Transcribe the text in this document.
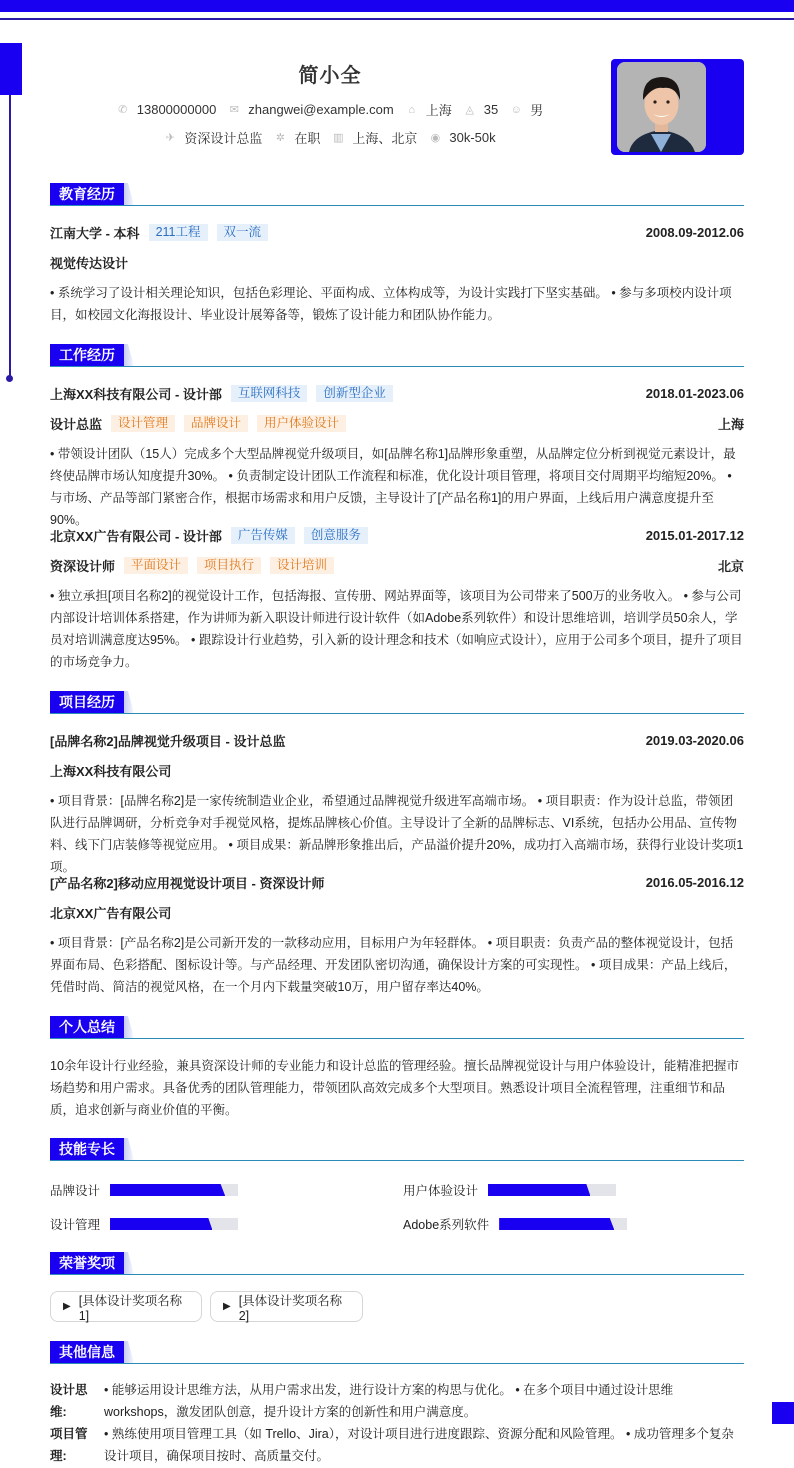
简小全
✆ 13800000000 ✉ zhangwei@example.com ⌂ 上海 ◬ 35 ☺ 男
✈ 资深设计总监 ✲ 在职 ▥ 上海、北京 ◉ 30k-50k
教育经历
江南大学 - 本科	211工程	双一流	2008.09-2012.06
视觉传达设计
• 系统学习了设计相关理论知识，包括色彩理论、平面构成、立体构成等，为设计实践打下坚实基础。 • 参与多项校内设计项目，如校园文化海报设计、毕业设计展筹备等，锻炼了设计能力和团队协作能力。
工作经历
上海XX科技有限公司 - 设计部	互联网科技	创新型企业	2018.01-2023.06
设计总监	设计管理	品牌设计	用户体验设计	上海
• 带领设计团队（15人）完成多个大型品牌视觉升级项目，如[品牌名称1]品牌形象重塑，从品牌定位分析到视觉元素设计，最终使品牌市场认知度提升30%。 • 负责制定设计团队工作流程和标准，优化设计项目管理，将项目交付周期平均缩短20%。 • 与市场、产品等部门紧密合作，根据市场需求和用户反馈，主导设计了[产品名称1]的用户界面，上线后用户满意度提升至90%。
北京XX广告有限公司 - 设计部	广告传媒	创意服务	2015.01-2017.12
资深设计师	平面设计	项目执行	设计培训	北京
• 独立承担[项目名称2]的视觉设计工作，包括海报、宣传册、网站界面等，该项目为公司带来了500万的业务收入。 • 参与公司内部设计培训体系搭建，作为讲师为新入职设计师进行设计软件（如Adobe系列软件）和设计思维培训，培训学员50余人，学员对培训满意度达95%。 • 跟踪设计行业趋势，引入新的设计理念和技术（如响应式设计），应用于公司多个项目，提升了项目的市场竞争力。
项目经历
[品牌名称2]品牌视觉升级项目 - 设计总监	2019.03-2020.06
上海XX科技有限公司
• 项目背景：[品牌名称2]是一家传统制造业企业，希望通过品牌视觉升级进军高端市场。 • 项目职责：作为设计总监，带领团队进行品牌调研，分析竞争对手视觉风格，提炼品牌核心价值。主导设计了全新的品牌标志、VI系统，包括办公用品、宣传物料、线下门店装修等视觉应用。 • 项目成果：新品牌形象推出后，产品溢价提升20%，成功打入高端市场，获得行业设计奖项1项。
[产品名称2]移动应用视觉设计项目 - 资深设计师	2016.05-2016.12
北京XX广告有限公司
• 项目背景：[产品名称2]是公司新开发的一款移动应用，目标用户为年轻群体。 • 项目职责：负责产品的整体视觉设计，包括界面布局、色彩搭配、图标设计等。与产品经理、开发团队密切沟通，确保设计方案的可实现性。 • 项目成果：产品上线后，凭借时尚、简洁的视觉风格，在一个月内下载量突破10万，用户留存率达40%。
个人总结
10余年设计行业经验，兼具资深设计师的专业能力和设计总监的管理经验。擅长品牌视觉设计与用户体验设计，能精准把握市场趋势和用户需求。具备优秀的团队管理能力，带领团队高效完成多个大型项目。熟悉设计项目全流程管理，注重细节和品质，追求创新与商业价值的平衡。
技能专长
品牌设计	用户体验设计
设计管理	Adobe系列软件
荣誉奖项
▶ [具体设计奖项名称1]
▶ [具体设计奖项名称2]
其他信息
设计思维:
• 能够运用设计思维方法，从用户需求出发，进行设计方案的构思与优化。 • 在多个项目中通过设计思维 workshops，激发团队创意，提升设计方案的创新性和用户满意度。
项目管理:
• 熟练使用项目管理工具（如 Trello、Jira），对设计项目进行进度跟踪、资源分配和风险管理。 • 成功管理多个复杂设计项目，确保项目按时、高质量交付。
